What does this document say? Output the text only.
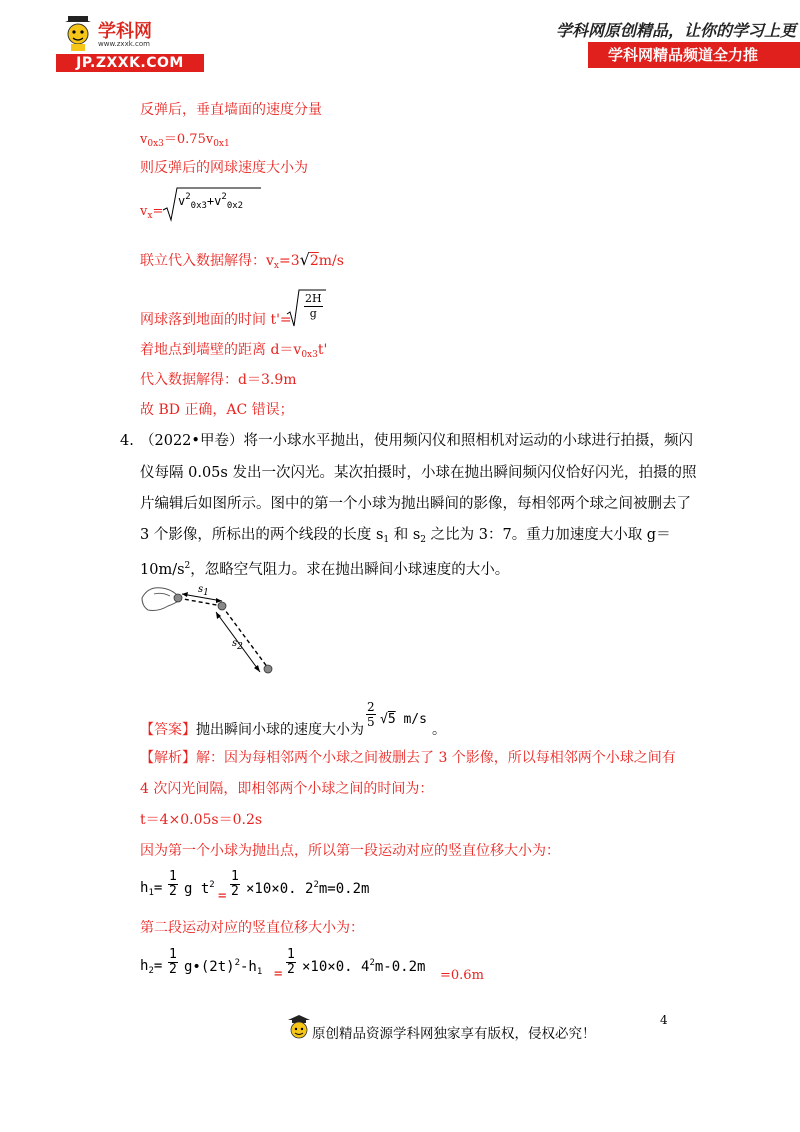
学科网
www.zxxk.com
JP.ZXXK.COM
学科网原创精品，让你的学习上更
学科网精品频道全力推
反弹后，垂直墙面的速度分量
$v_{0x3}=0.75v_{0x1}$
则反弹后的网球速度大小为
$v_x=$
$v^2_{0x3}+v^2_{0x2}$
联立代入数据解得：$v_x=3√2m/s$
网球落到地面的时间 $t'= \frac{2H}{g}$
着地点到墙壁的距离 $d=v_{0x3}t'$
代入数据解得：d＝3.9m
故 BD 正确，AC 错误；
4. （2022•甲卷）将一小球水平抛出，使用频闪仪和照相机对运动的小球进行拍摄，频闪
仪每隔 0.05s 发出一次闪光。某次拍摄时，小球在抛出瞬间频闪仪恰好闪光，拍摄的照
片编辑后如图所示。图中的第一个小球为抛出瞬间的影像，每相邻两个球之间被删去了
3 个影像，所标出的两个线段的长度 $s_1$ 和 $s_2$ 之比为 3：7。重力加速度大小取 g＝
$10m/s^2$，忽略空气阻力。求在抛出瞬间小球速度的大小。
$s_1$
$s_2$
【答案】抛出瞬间小球的速度大小为
$\frac{2}{5} √5$ m/s
。
【解析】解：因为每相邻两个小球之间被删去了 3 个影像，所以每相邻两个小球之间有
4 次闪光间隔，即相邻两个小球之间的时间为：
t＝4×0.05s＝0.2s
因为第一个小球为抛出点，所以第一段运动对应的竖直位移大小为：
$h_1= \frac{1}{2}$ g $t^2$
= $\frac{1}{2} \times 10\times 0$. $2^2m=0.2m$
第二段运动对应的竖直位移大小为：
$h_2= \frac{1}{2}$ $g•(2t)^2-h_1 = \frac{1}{2} \times 10\times 0$. $4^2m-0.2m$
=0.6m
原创精品资源学科网独家享有版权，侵权必究！
4
